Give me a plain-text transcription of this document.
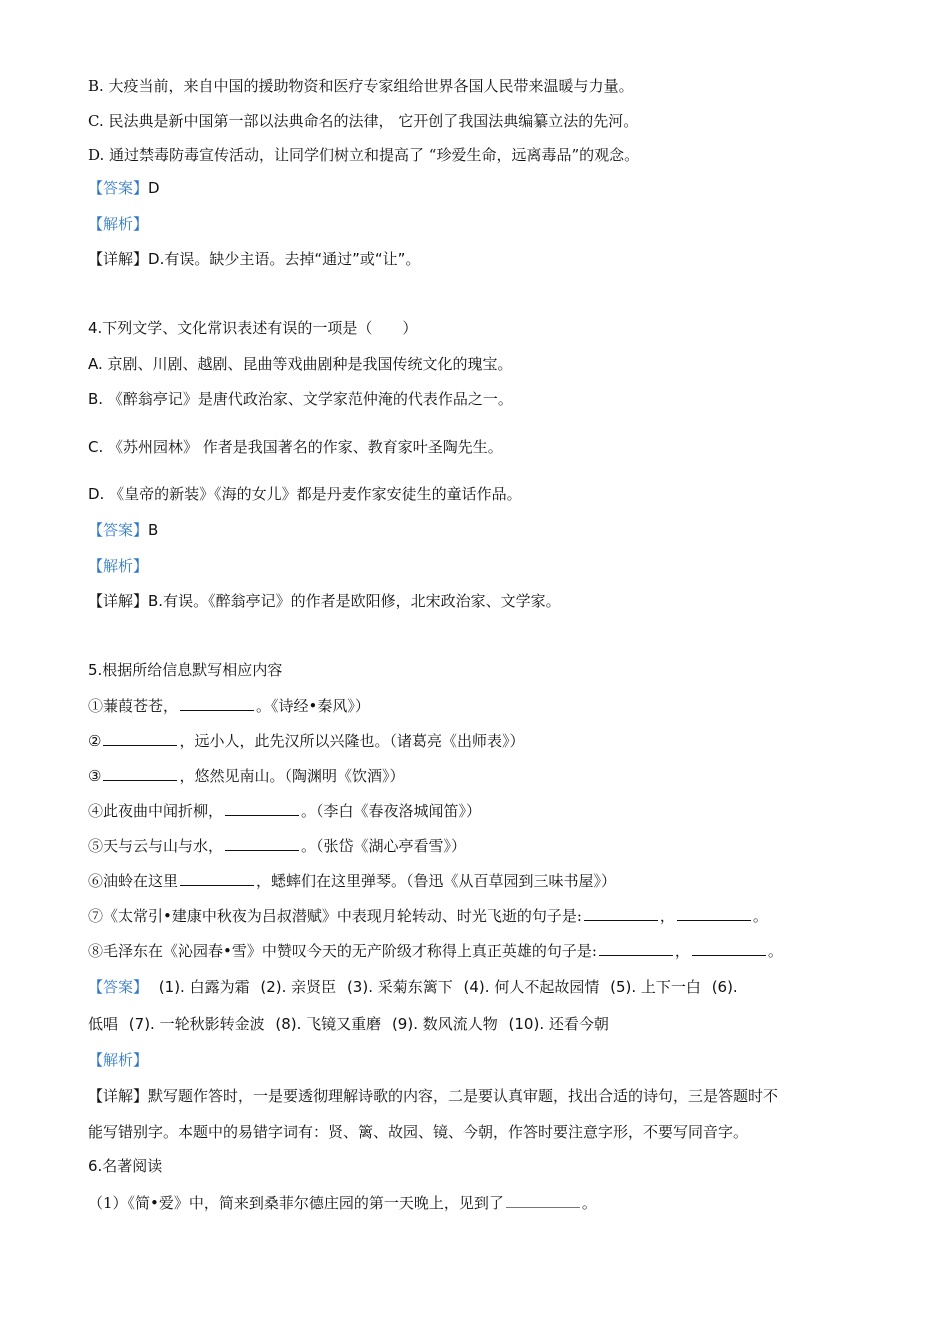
B. 大疫当前，来自中国的援助物资和医疗专家组给世界各国人民带来温暖与力量。
C. 民法典是新中国第一部以法典命名的法律， 它开创了我国法典编纂立法的先河。
D. 通过禁毒防毒宣传活动，让同学们树立和提高了 “珍爱生命，远离毒品”的观念。
【答案】D
【解析】
【详解】D.有误。缺少主语。去掉“通过”或“让”。
4.下列文学、文化常识表述有误的一项是（　　）
A. 京剧、川剧、越剧、昆曲等戏曲剧种是我国传统文化的瑰宝。
B. 《醉翁亭记》是唐代政治家、文学家范仲淹的代表作品之一。
C. 《苏州园林》 作者是我国著名的作家、教育家叶圣陶先生。
D. 《皇帝的新装》《海的女儿》都是丹麦作家安徒生的童话作品。
【答案】B
【解析】
【详解】B.有误。《醉翁亭记》的作者是欧阳修，北宋政治家、文学家。
5.根据所给信息默写相应内容
①蒹葭苍苍，	。《诗经•秦风》）
②	，远小人，此先汉所以兴隆也。（诸葛亮《出师表》）
③	，悠然见南山。（陶渊明《饮酒》）
④此夜曲中闻折柳，	。（李白《春夜洛城闻笛》）
⑤天与云与山与水，	。（张岱《湖心亭看雪》）
⑥油蛉在这里	，蟋蟀们在这里弹琴。（鲁迅《从百草园到三味书屋》）
⑦《太常引•建康中秋夜为吕叔潜赋》中表现月轮转动、时光飞逝的句子是:	，	。
⑧毛泽东在《沁园春•雪》中赞叹今天的无产阶级才称得上真正英雄的句子是:	，	。
【答案】 (1). 白露为霜 (2). 亲贤臣 (3). 采菊东篱下 (4). 何人不起故园情 (5). 上下一白 (6).
低唱 (7). 一轮秋影转金波 (8). 飞镜又重磨 (9). 数风流人物 (10). 还看今朝
【解析】
【详解】默写题作答时，一是要透彻理解诗歌的内容，二是要认真审题，找出合适的诗句，三是答题时不
能写错别字。本题中的易错字词有：贤、篱、故园、镜、今朝，作答时要注意字形，不要写同音字。
6.名著阅读
（1）《简•爱》中，简来到桑菲尔德庄园的第一天晚上，见到了	。
